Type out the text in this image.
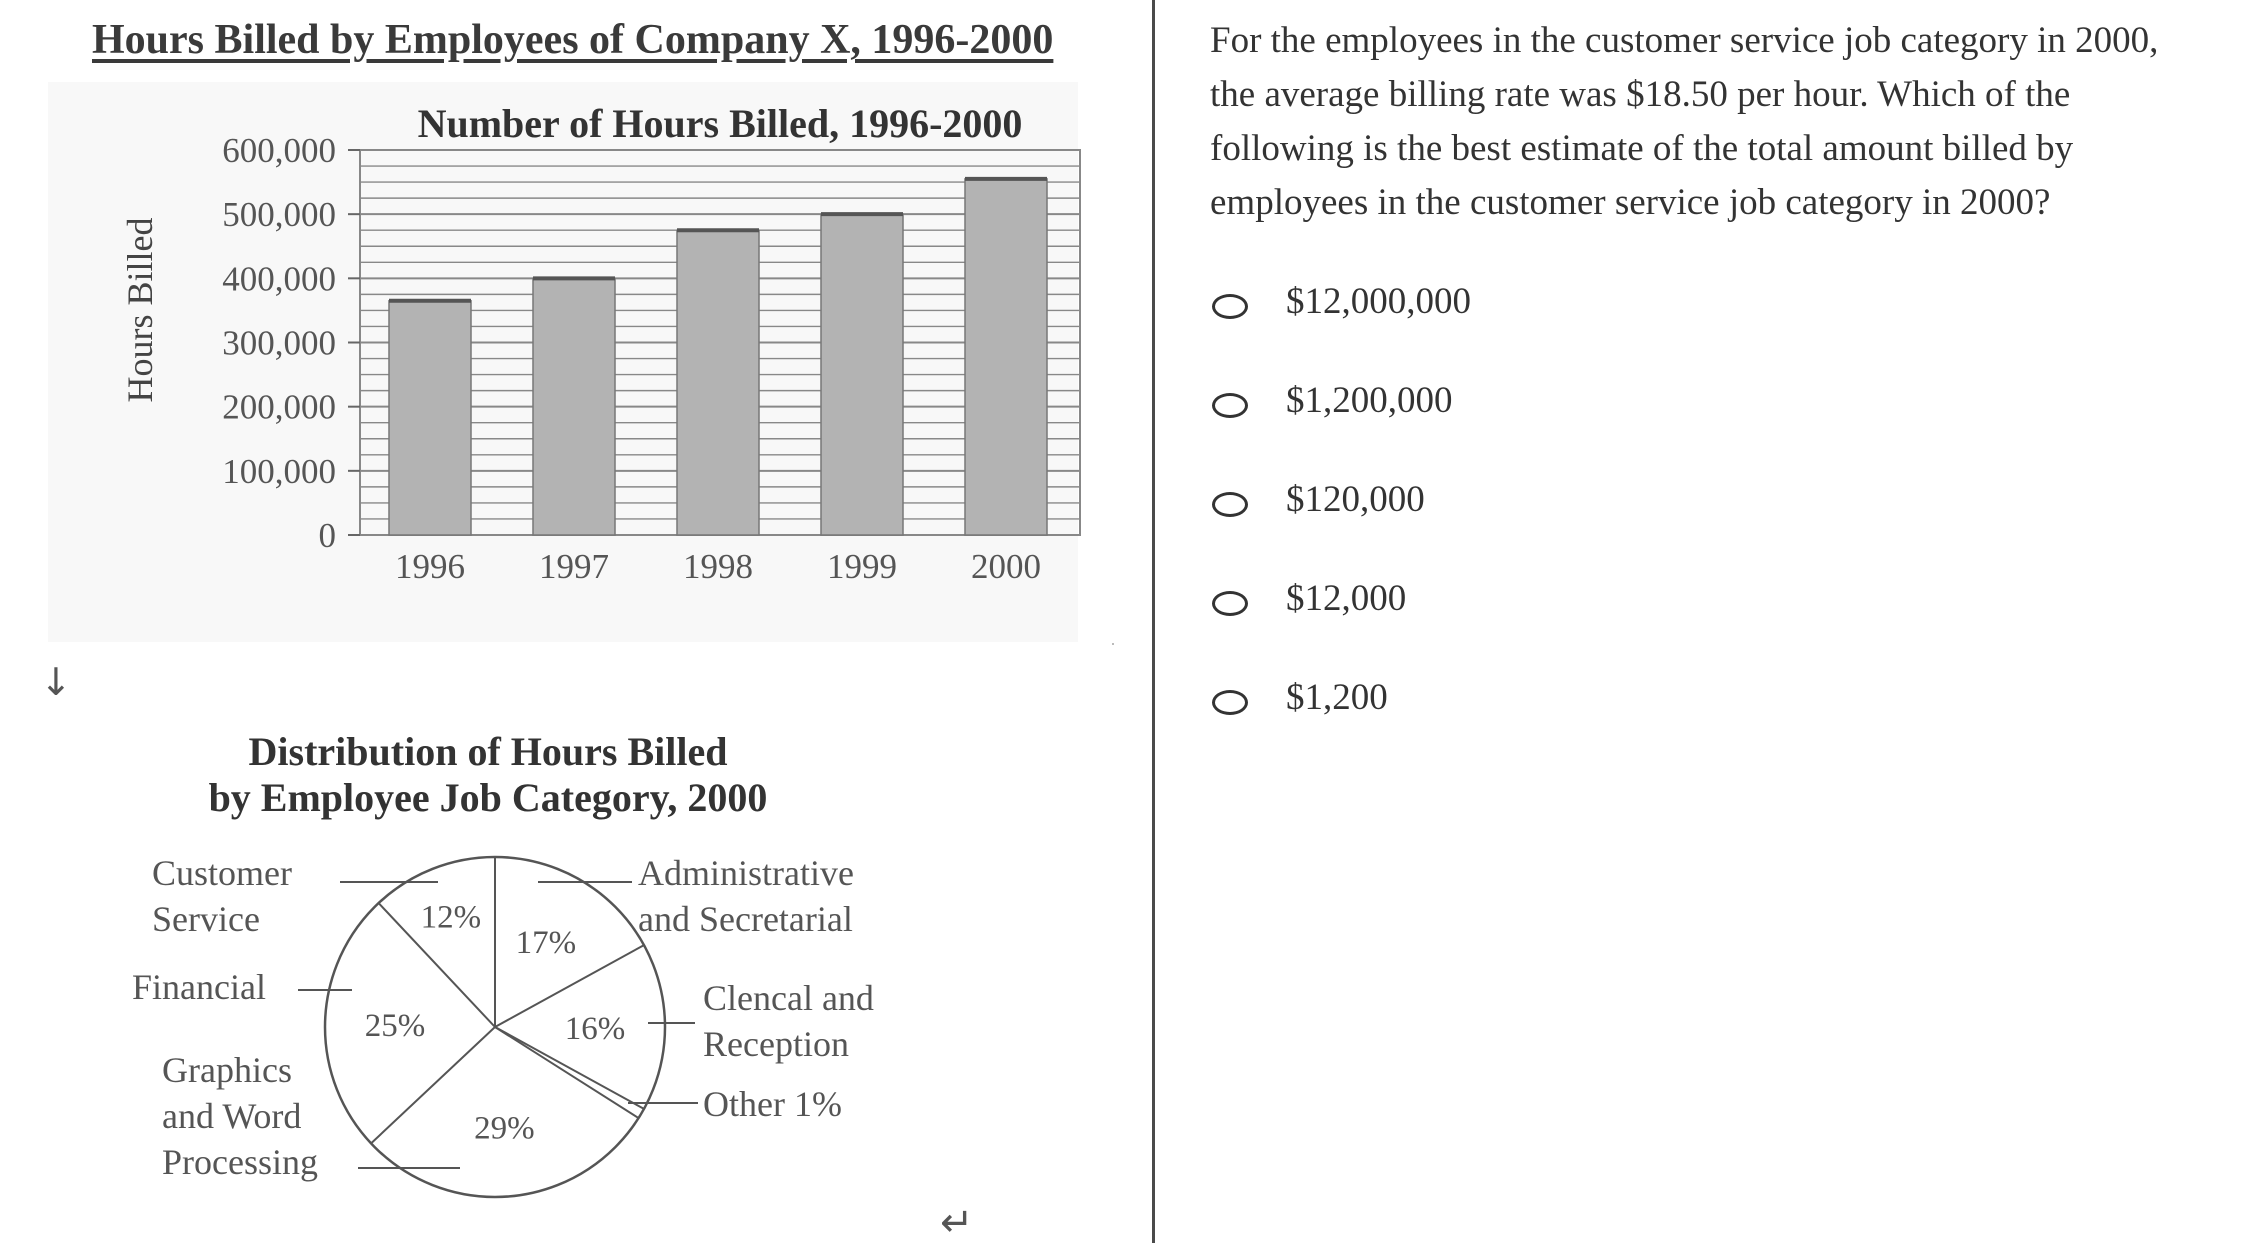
Hours Billed by Employees of Company X, 1996-2000
Number of Hours Billed, 1996-2000
Hours Billed
0
100,000
200,000
300,000
400,000
500,000
600,000
1996 1997 1998 1999 2000
↓
Distribution of Hours Billed
by Employee Job Category, 2000
17%
16%
29%
25%
12%
Administrative
and Secretarial
Clencal and
Reception
Other 1%
Graphics
and Word
Processing
Financial
Customer
Service
↵

For the employees in the customer service job category in 2000, the average billing rate was $18.50 per hour. Which of the following is the best estimate of the total amount billed by employees in the customer service job category in 2000?

$12,000,000
$1,200,000
$120,000
$12,000
$1,200
